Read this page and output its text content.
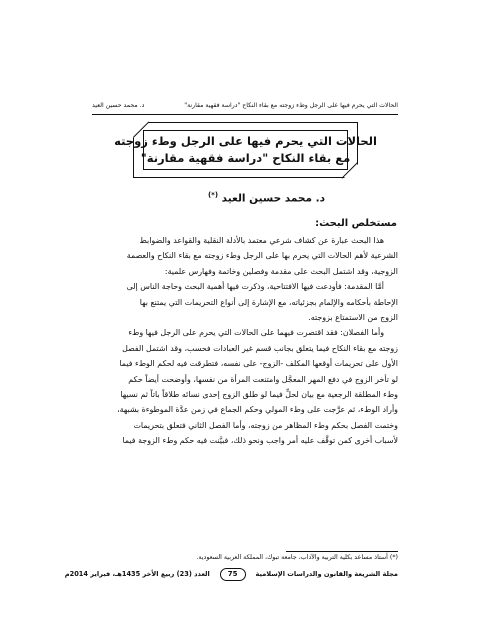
الحالات التي يحرم فيها على الرجل وطء زوجته مع بقاء النكاح "دراسة فقهية مقارنة"
د. محمد حسين العيد
الحالات التي يحرم فيها على الرجل وطء زوجته
مع بقاء النكاح "دراسة فقهية مقارنة"
د. محمد حسين العيد (*)
مستخلص البحث:
هذا البحث عبارة عن كشاف شرعي معتمد بالأدلة النقلية والقواعد والضوابط
الشرعية لأهم الحالات التي يحرم بها على الرجل وطء زوجته مع بقاء النكاح والعصمة
الزوجية، وقد اشتمل البحث على مقدمة وفصلين وخاتمة وفهارس علمية:
أمَّا المقدمة: فأودعت فيها الافتتاحية، وذكرت فيها أهمية البحث وحاجة الناس إلى
الإحاطة بأحكامه والإلمام بجزئياته، مع الإشارة إلى أنواع التحريمات التي يمتنع بها
الزوج من الاستمتاع بزوجته.
وأما الفصلان: فقد اقتصرت فيهما على الحالات التي يحرم على الرجل فيها وطء
زوجته مع بقاء النكاح فيما يتعلق بجانب قسم غير العبادات فحسب، وقد اشتمل الفصل
الأول على تحريمات أوقعها المكلف -الزوج- على نفسه، فتطرقت فيه لحكم الوطء فيما
لو تأخر الزوج في دفع المهر المعجَّل وامتنعت المرأة من نفسها، وأوضحت أيضاً حكم
وطء المطلقة الرجعية مع بيان لحلِّ فيما لو طلق الزوج إحدى نسائه طلاقاً باتاً ثم نسيها
وأراد الوطء، ثم عرَّجت على وطء المولي وحكم الجماع في زمن عدَّة الموطوءة بشبهة،
وختمت الفصل بحكم وطء المظاهر من زوجته، وأما الفصل الثاني فتعلق بتحريمات
لأسباب أخرى كمن توقَّف عليه أمر واجب ونحو ذلك، فبيَّنت فيه حكم وطء الزوجة فيما
(*) أستاذ مساعد بكلية التربية والآداب، جامعة تبوك، المملكة العربية السعودية.
مجلة الشريعة والقانون والدراسات الإسلامية
75
العدد (23) ربيع الأخر 1435هـ، فبراير 2014م
